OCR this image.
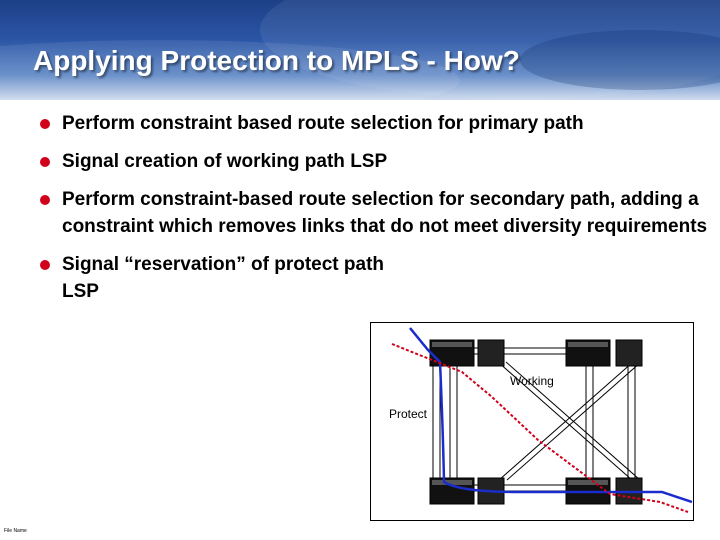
Applying Protection to MPLS - How?
Perform constraint based route selection for primary path
Signal creation of working path LSP
Perform constraint-based route selection for secondary path, adding a constraint which removes links that do not meet diversity requirements
Signal “reservation” of protect path LSP
Working
Protect
File Name
